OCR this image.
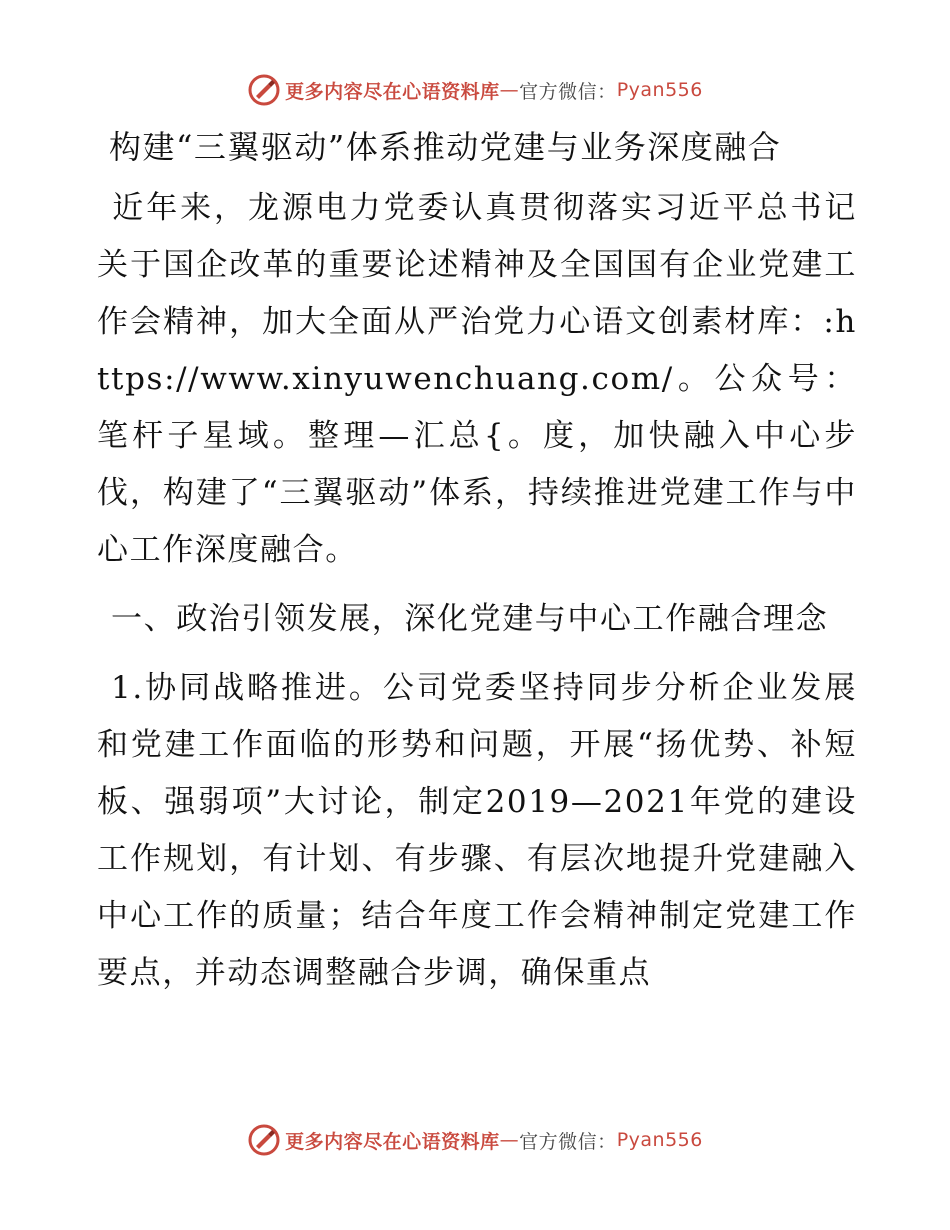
更多内容尽在心语资料库 — 官方微信： Pyan556
构建“三翼驱动”体系推动党建与业务深度融合

近年来，龙源电力党委认真贯彻落实习近平总书记关于国企改革的重要论述精神及全国国有企业党建工作会精神，加大全面从严治党力心语文创素材库：:https://www.xinyuwenchuang.com/。公众号：笔杆子星域。整理—汇总{。度，加快融入中心步伐，构建了“三翼驱动”体系，持续推进党建工作与中心工作深度融合。

一、政治引领发展，深化党建与中心工作融合理念

1.协同战略推进。公司党委坚持同步分析企业发展和党建工作面临的形势和问题，开展“扬优势、补短板、强弱项”大讨论，制定2019—2021年党的建设工作规划，有计划、有步骤、有层次地提升党建融入中心工作的质量；结合年度工作会精神制定党建工作要点，并动态调整融合步调，确保重点

更多内容尽在心语资料库 — 官方微信： Pyan556
